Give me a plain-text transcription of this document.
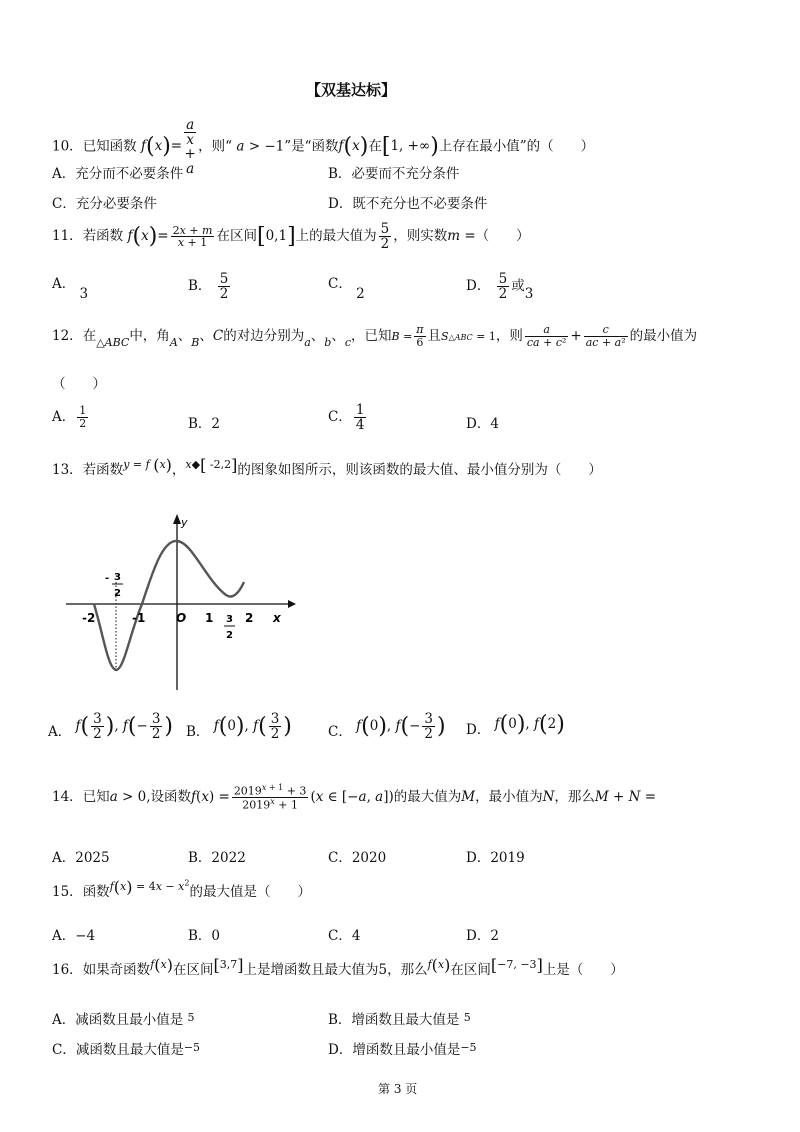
【双基达标】
10．已知函数 f(x)=
a
x
+
a
，则“ a > −1”是“函数f(x)在[1, +∞)上存在最小值”的（　　）
A．充分而不必要条件	B．必要而不充分条件
C．充分必要条件	D．既不充分也不必要条件
11．若函数 $f(x)= \frac{2x + m}{x + 1}$ 在区间[0,1]上的最大值为 $\frac{5}{2}$ ，则实数m =（　　）
A． 3	B． $\frac{5}{2}$	C． 2	D． $\frac{5}{2}$ 或3
12．在$_{\triangle ABC}$中，角$_A$、$_B$、C的对边分别为$_a$、$_b$、$_c$，已知$B = \frac{\pi}{6}$ 且S△ABC = 1，则 $\frac{a}{\text{ca + c²}} + \frac{c}{\text{ac + a²}}$ 的最小值为
（　　）
A． $\frac{1}{2}$	B．2	C． $\frac{1}{4}$	D．4
13．若函数$^{y = f (x)}$，$^{x◆[ -2,2]}$的图象如图所示，则该函数的最大值、最小值分别为（　　）
-2	-1	O 1	2 x
y
- 3
2
3
2
A． $f( \frac{3}{2}$ ), $f(- \frac{3}{2}$ ) B． f(0), $f( \frac{3}{2}$ )	C． f(0), $f(- \frac{3}{2}$ ) D． f(0), f(2)
14．已知a > 0,设函数$f(x) = \frac{2019^{x + 1} + 3}{2019^x + 1} (x$ ∈ [−a, a])的最大值为M，最小值为N，那么M + N =
A．2025	B．2022	C．2020	D．2019
15．函数$^{f(x) = 4x - x^2}$的最大值是（　　）
A．−4	B．0	C．4	D．2
16．如果奇函数$^{f(x)}$在区间[3,7]上是增函数且最大值为5，那么$^{f(x)}$在区间[−7, −3]上是（　　）
A．减函数且最小值是 $^5$	B．增函数且最大值是 $^5$
C．减函数且最大值是$^{-5}$	D．增函数且最小值是$^{-5}$
第 3 页
